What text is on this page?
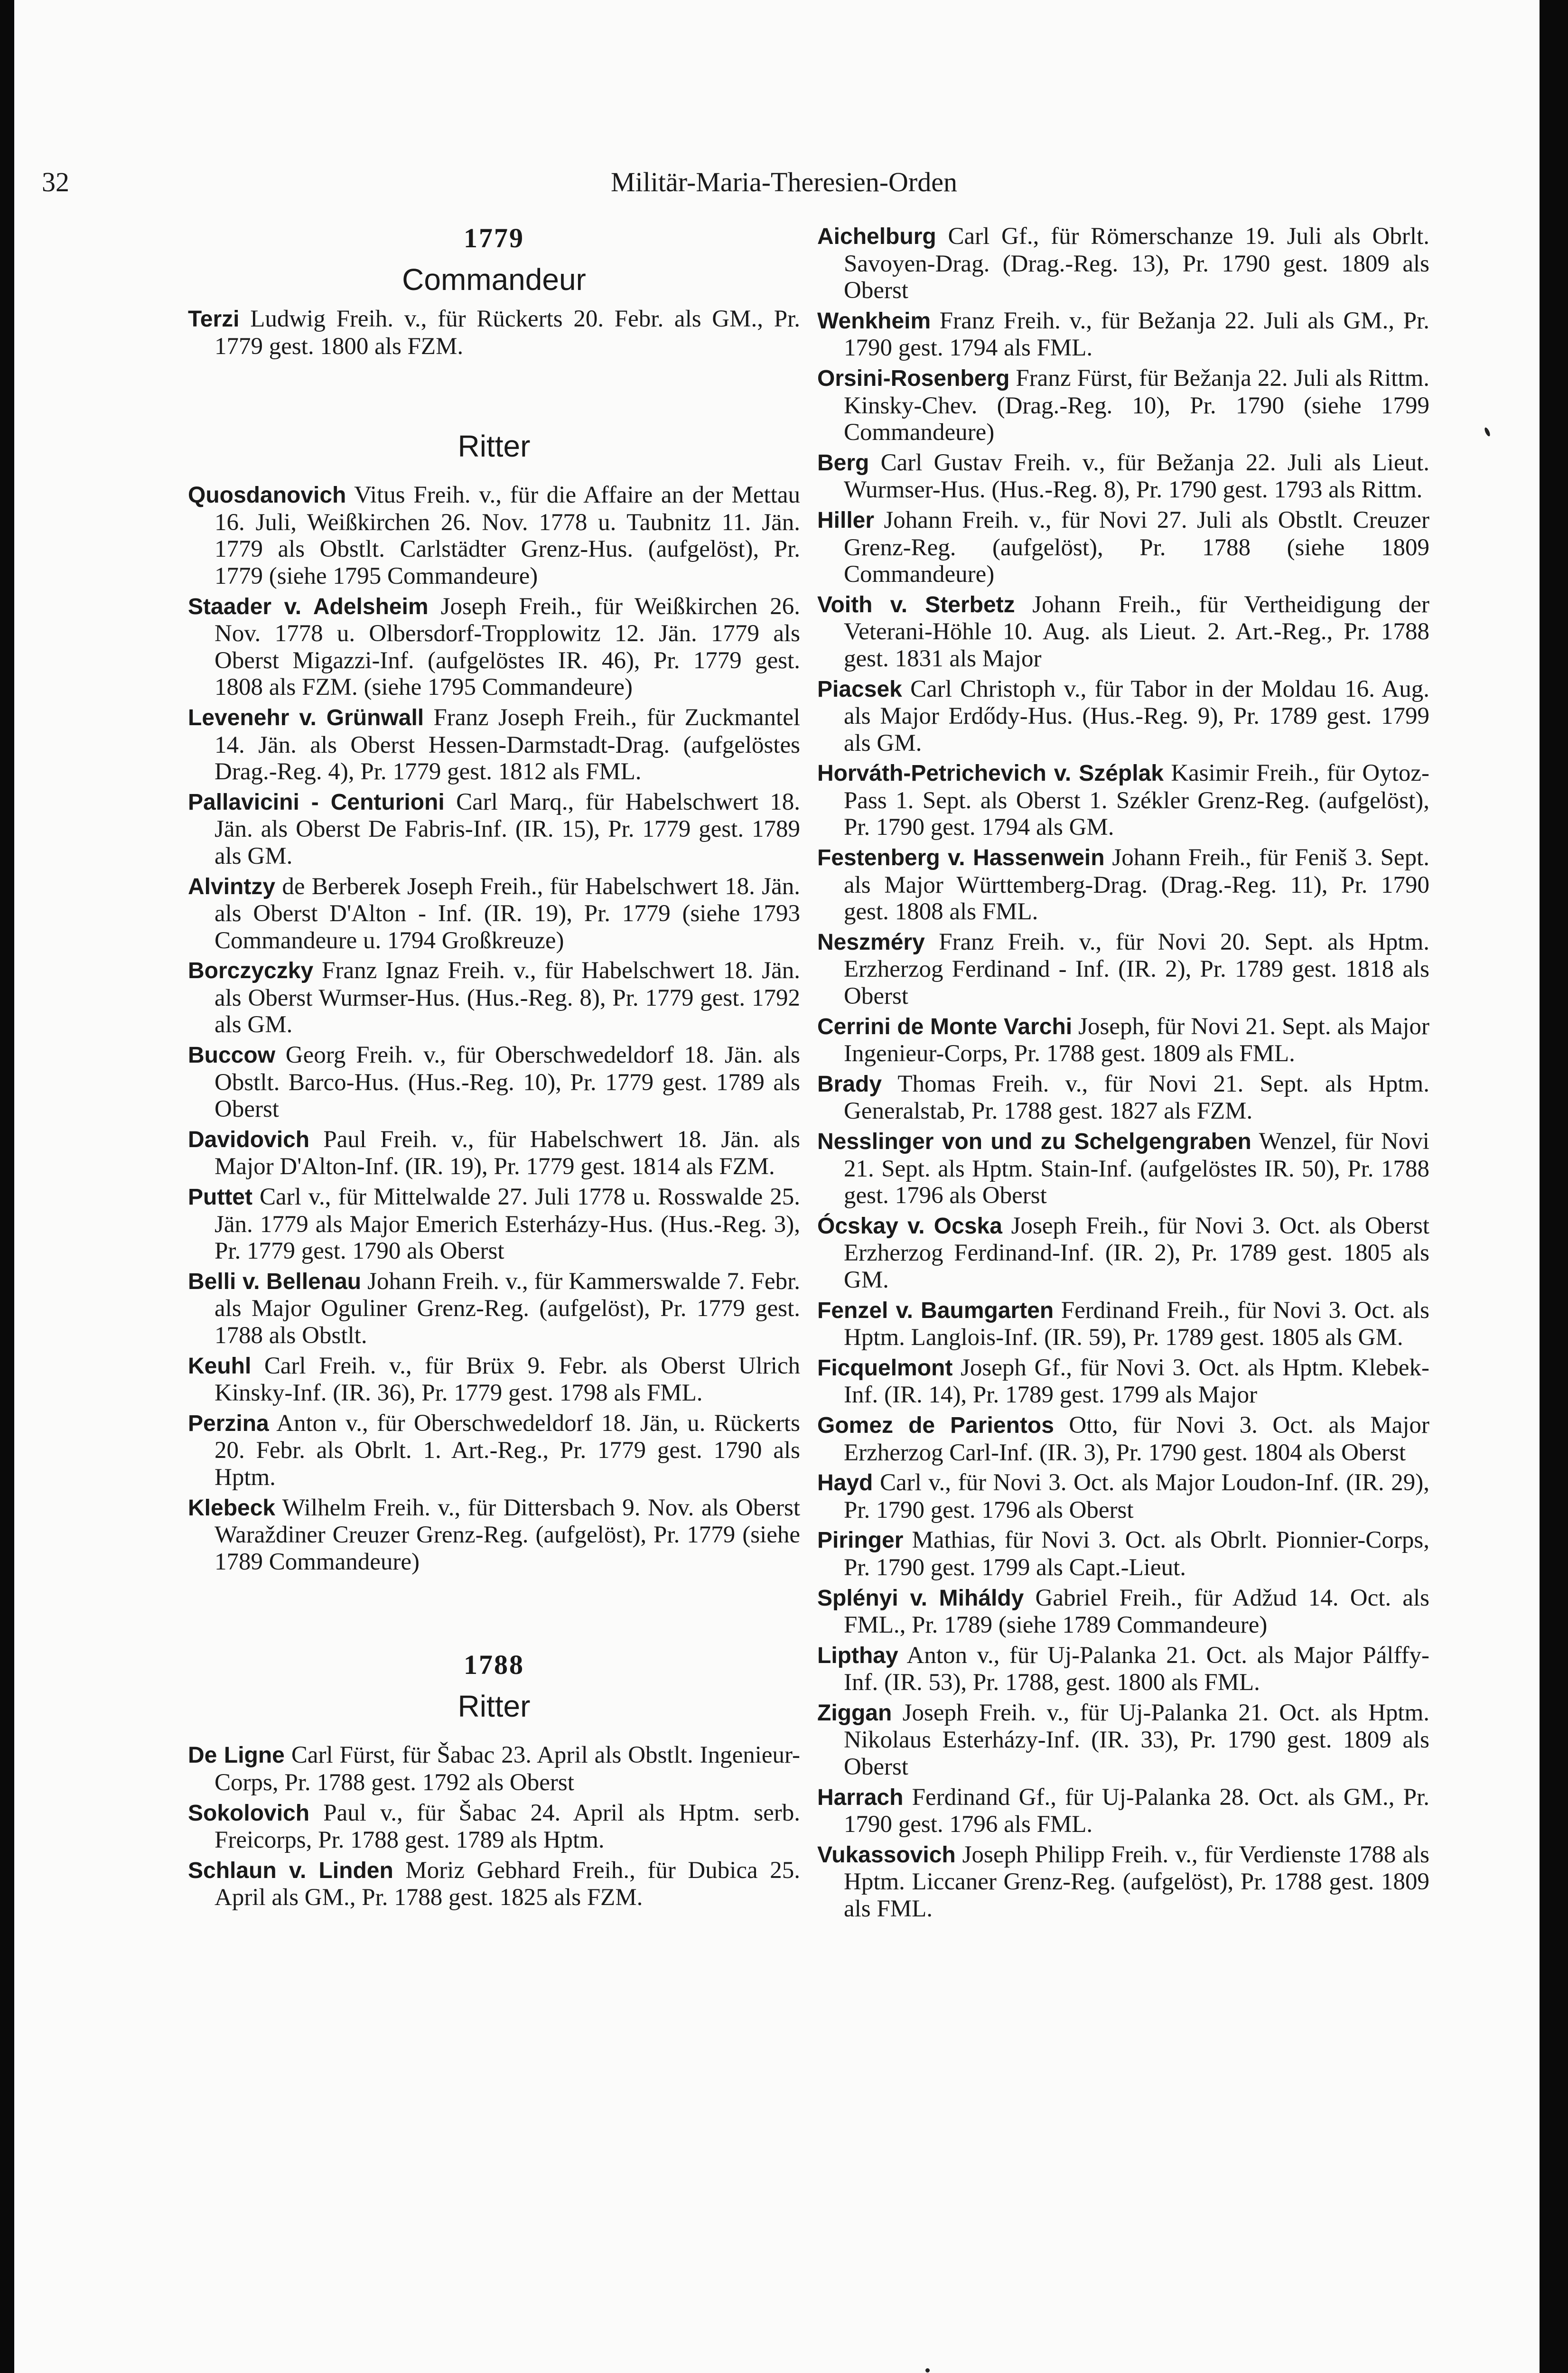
32	Militär-Maria-Theresien-Orden

1779

Commandeur

Terzi Ludwig Freih. v., für Rückerts 20. Febr. als GM., Pr. 1779 gest. 1800 als FZM.

Ritter

Quosdanovich Vitus Freih. v., für die Affaire an der Mettau 16. Juli, Weißkirchen 26. Nov. 1778 u. Taubnitz 11. Jän. 1779 als Obstlt. Carlstädter Grenz-Hus. (aufgelöst), Pr. 1779 (siehe 1795 Commandeure)

Staader v. Adelsheim Joseph Freih., für Weißkirchen 26. Nov. 1778 u. Olbersdorf-Tropplowitz 12. Jän. 1779 als Oberst Migazzi-Inf. (aufgelöstes IR. 46), Pr. 1779 gest. 1808 als FZM. (siehe 1795 Commandeure)

Levenehr v. Grünwall Franz Joseph Freih., für Zuckmantel 14. Jän. als Oberst Hessen-Darmstadt-Drag. (aufgelöstes Drag.-Reg. 4), Pr. 1779 gest. 1812 als FML.

Pallavicini - Centurioni Carl Marq., für Habelschwert 18. Jän. als Oberst De Fabris-Inf. (IR. 15), Pr. 1779 gest. 1789 als GM.

Alvintzy de Berberek Joseph Freih., für Habelschwert 18. Jän. als Oberst D'Alton - Inf. (IR. 19), Pr. 1779 (siehe 1793 Commandeure u. 1794 Großkreuze)

Borczyczky Franz Ignaz Freih. v., für Habelschwert 18. Jän. als Oberst Wurmser-Hus. (Hus.-Reg. 8), Pr. 1779 gest. 1792 als GM.

Buccow Georg Freih. v., für Oberschwedeldorf 18. Jän. als Obstlt. Barco-Hus. (Hus.-Reg. 10), Pr. 1779 gest. 1789 als Oberst

Davidovich Paul Freih. v., für Habelschwert 18. Jän. als Major D'Alton-Inf. (IR. 19), Pr. 1779 gest. 1814 als FZM.

Puttet Carl v., für Mittelwalde 27. Juli 1778 u. Rosswalde 25. Jän. 1779 als Major Emerich Esterházy-Hus. (Hus.-Reg. 3), Pr. 1779 gest. 1790 als Oberst

Belli v. Bellenau Johann Freih. v., für Kammerswalde 7. Febr. als Major Oguliner Grenz-Reg. (aufgelöst), Pr. 1779 gest. 1788 als Obstlt.

Keuhl Carl Freih. v., für Brüx 9. Febr. als Oberst Ulrich Kinsky-Inf. (IR. 36), Pr. 1779 gest. 1798 als FML.

Perzina Anton v., für Oberschwedeldorf 18. Jän, u. Rückerts 20. Febr. als Obrlt. 1. Art.-Reg., Pr. 1779 gest. 1790 als Hptm.

Klebeck Wilhelm Freih. v., für Dittersbach 9. Nov. als Oberst Waraždiner Creuzer Grenz-Reg. (aufgelöst), Pr. 1779 (siehe 1789 Commandeure)

1788

Ritter

De Ligne Carl Fürst, für Šabac 23. April als Obstlt. Ingenieur-Corps, Pr. 1788 gest. 1792 als Oberst

Sokolovich Paul v., für Šabac 24. April als Hptm. serb. Freicorps, Pr. 1788 gest. 1789 als Hptm.

Schlaun v. Linden Moriz Gebhard Freih., für Dubica 25. April als GM., Pr. 1788 gest. 1825 als FZM.

Aichelburg Carl Gf., für Römerschanze 19. Juli als Obrlt. Savoyen-Drag. (Drag.-Reg. 13), Pr. 1790 gest. 1809 als Oberst

Wenkheim Franz Freih. v., für Bežanja 22. Juli als GM., Pr. 1790 gest. 1794 als FML.

Orsini-Rosenberg Franz Fürst, für Bežanja 22. Juli als Rittm. Kinsky-Chev. (Drag.-Reg. 10), Pr. 1790 (siehe 1799 Commandeure)

Berg Carl Gustav Freih. v., für Bežanja 22. Juli als Lieut. Wurmser-Hus. (Hus.-Reg. 8), Pr. 1790 gest. 1793 als Rittm.

Hiller Johann Freih. v., für Novi 27. Juli als Obstlt. Creuzer Grenz-Reg. (aufgelöst), Pr. 1788 (siehe 1809 Commandeure)

Voith v. Sterbetz Johann Freih., für Vertheidigung der Veterani-Höhle 10. Aug. als Lieut. 2. Art.-Reg., Pr. 1788 gest. 1831 als Major

Piacsek Carl Christoph v., für Tabor in der Moldau 16. Aug. als Major Erdődy-Hus. (Hus.-Reg. 9), Pr. 1789 gest. 1799 als GM.

Horváth-Petrichevich v. Széplak Kasimir Freih., für Oytoz-Pass 1. Sept. als Oberst 1. Székler Grenz-Reg. (aufgelöst), Pr. 1790 gest. 1794 als GM.

Festenberg v. Hassenwein Johann Freih., für Feniš 3. Sept. als Major Württemberg-Drag. (Drag.-Reg. 11), Pr. 1790 gest. 1808 als FML.

Neszméry Franz Freih. v., für Novi 20. Sept. als Hptm. Erzherzog Ferdinand - Inf. (IR. 2), Pr. 1789 gest. 1818 als Oberst

Cerrini de Monte Varchi Joseph, für Novi 21. Sept. als Major Ingenieur-Corps, Pr. 1788 gest. 1809 als FML.

Brady Thomas Freih. v., für Novi 21. Sept. als Hptm. Generalstab, Pr. 1788 gest. 1827 als FZM.

Nesslinger von und zu Schelgengraben Wenzel, für Novi 21. Sept. als Hptm. Stain-Inf. (aufgelöstes IR. 50), Pr. 1788 gest. 1796 als Oberst

Ócskay v. Ocska Joseph Freih., für Novi 3. Oct. als Oberst Erzherzog Ferdinand-Inf. (IR. 2), Pr. 1789 gest. 1805 als GM.

Fenzel v. Baumgarten Ferdinand Freih., für Novi 3. Oct. als Hptm. Langlois-Inf. (IR. 59), Pr. 1789 gest. 1805 als GM.

Ficquelmont Joseph Gf., für Novi 3. Oct. als Hptm. Klebek-Inf. (IR. 14), Pr. 1789 gest. 1799 als Major

Gomez de Parientos Otto, für Novi 3. Oct. als Major Erzherzog Carl-Inf. (IR. 3), Pr. 1790 gest. 1804 als Oberst

Hayd Carl v., für Novi 3. Oct. als Major Loudon-Inf. (IR. 29), Pr. 1790 gest. 1796 als Oberst

Piringer Mathias, für Novi 3. Oct. als Obrlt. Pionnier-Corps, Pr. 1790 gest. 1799 als Capt.-Lieut.

Splényi v. Miháldy Gabriel Freih., für Adžud 14. Oct. als FML., Pr. 1789 (siehe 1789 Commandeure)

Lipthay Anton v., für Uj-Palanka 21. Oct. als Major Pálffy-Inf. (IR. 53), Pr. 1788, gest. 1800 als FML.

Ziggan Joseph Freih. v., für Uj-Palanka 21. Oct. als Hptm. Nikolaus Esterházy-Inf. (IR. 33), Pr. 1790 gest. 1809 als Oberst

Harrach Ferdinand Gf., für Uj-Palanka 28. Oct. als GM., Pr. 1790 gest. 1796 als FML.

Vukassovich Joseph Philipp Freih. v., für Verdienste 1788 als Hptm. Liccaner Grenz-Reg. (aufgelöst), Pr. 1788 gest. 1809 als FML.
